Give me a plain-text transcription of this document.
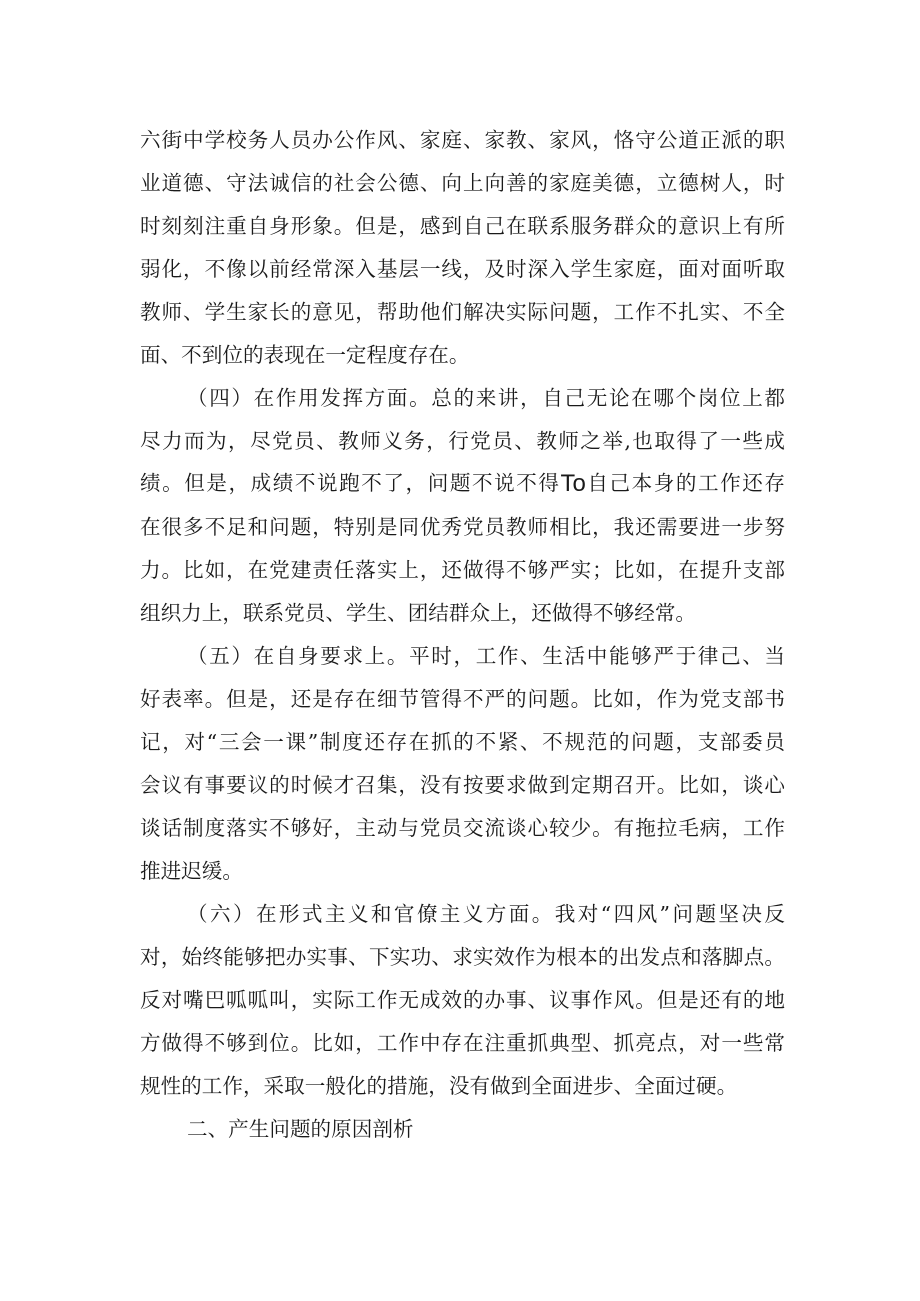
六街中学校务人员办公作风、家庭、家教、家风，恪守公道正派的职
业道德、守法诚信的社会公德、向上向善的家庭美德，立德树人，时
时刻刻注重自身形象。但是，感到自己在联系服务群众的意识上有所
弱化，不像以前经常深入基层一线，及时深入学生家庭，面对面听取
教师、学生家长的意见，帮助他们解决实际问题，工作不扎实、不全
面、不到位的表现在一定程度存在。
（四）在作用发挥方面。总的来讲，自己无论在哪个岗位上都
尽力而为，尽党员、教师义务，行党员、教师之举,也取得了一些成
绩。但是，成绩不说跑不了，问题不说不得To自己本身的工作还存
在很多不足和问题，特别是同优秀党员教师相比，我还需要进一步努
力。比如，在党建责任落实上，还做得不够严实；比如，在提升支部
组织力上，联系党员、学生、团结群众上，还做得不够经常。
（五）在自身要求上。平时，工作、生活中能够严于律己、当
好表率。但是，还是存在细节管得不严的问题。比如，作为党支部书
记，对“三会一课”制度还存在抓的不紧、不规范的问题，支部委员
会议有事要议的时候才召集，没有按要求做到定期召开。比如，谈心
谈话制度落实不够好，主动与党员交流谈心较少。有拖拉毛病，工作
推进迟缓。
（六）在形式主义和官僚主义方面。我对“四风”问题坚决反
对，始终能够把办实事、下实功、求实效作为根本的出发点和落脚点。
反对嘴巴呱呱叫，实际工作无成效的办事、议事作风。但是还有的地
方做得不够到位。比如，工作中存在注重抓典型、抓亮点，对一些常
规性的工作，采取一般化的措施，没有做到全面进步、全面过硬。
二、产生问题的原因剖析
